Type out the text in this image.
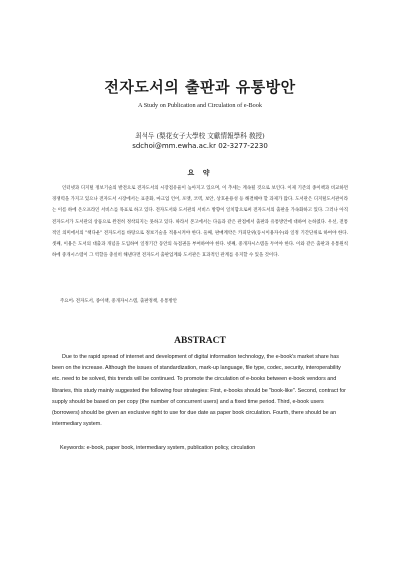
전자도서의 출판과 유통방안
A Study on Publication and Circulation of e-Book
최석두 (梨花女子大學校 文獻情報學科 敎授)
sdchoi@mm.ewha.ac.kr 02-3277-2230
요 약

인터넷과 디지털 정보기술의 발전으로 전자도서의 시장점유율이 높아지고 있으며, 이 추세는 계속될 것으로 보인다. 이제 기존의 종이책과 비교하면 경쟁력을 가지고 있으나 전자도서 시장에서는 표준화, 마크업 언어, 포맷, 코덱, 보안, 상호운용성 등 해결해야 할 과제가 많다. 도서관은 디지털도서관이라는 이름 하에 온오프라인 서비스를 목표로 하고 있다. 전자도서와 도서관의 서비스 방향이 일치함으로써 전자도서의 출판을 가속화하고 있다. 그러나 아직 전자도서가 도서관의 상품으로 완전히 정착되지는 못하고 있다. 따라서 본고에서는 다음과 같은 관점에서 출판과 유통방안에 대하여 논하였다. 우선, 전통적인 의미에서의 "책다운" 전자도서를 바탕으로 정보기술을 적용시켜야 한다. 둘째, 판매계약은 카피단위(동시이용자수)와 일정 기간단위로 하여야 한다. 셋째, 이용은 도서의 대출과 개념을 도입하여 일정기간 동안의 독점권을 부여하여야 한다. 넷째, 중개자시스템을 두어야 한다. 이와 같은 출판과 유통원칙 하에 중개시스템이 그 역할을 충실히 해낸다면 전자도서 출판업계와 도서관은 효과적인 관계를 유지할 수 있을 것이다.

주요어: 전자도서, 종이책, 중개자시스템, 출판정책, 유통방안

ABSTRACT

Due to the rapid spread of internet and development of digital information technology, the e-book's market share has been on the increase. Although the issues of standardization, mark-up language, file type, codec, security, interoperability etc. need to be solved, this trends will be continued. To promote the circulation of e-books between e-book vendors and libraries, this study mainly suggested the following four strategies: First, e-books should be "book-like". Second, contract for supply should be based on per copy (the number of concurrent users) and a fixed time period. Third, e-book users (borrowers) should be given an exclusive right to use for due date as paper book circulation. Fourth, there should be an intermediary system.

Keywords: e-book, paper book, intermediary system, publication policy, circulation
